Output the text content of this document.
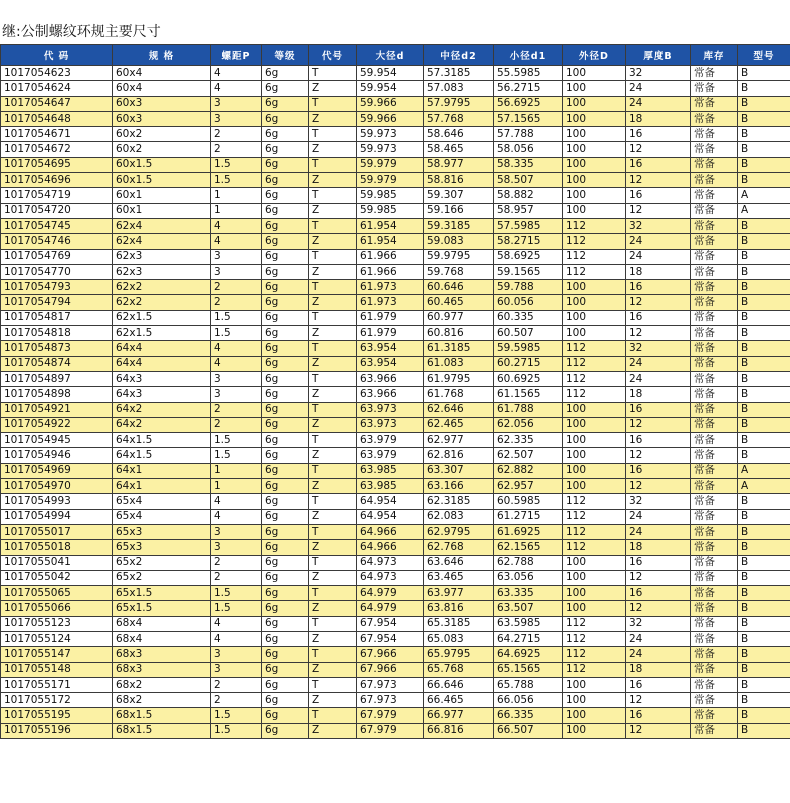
继:公制螺纹环规主要尺寸
代 码	规 格	螺距P	等级	代号	大径d	中径d2	小径d1	外径D	厚度B	库存	型号
1017054623	60x4	4	6g	T	59.954	57.3185	55.5985	100	32	常备	B
1017054624	60x4	4	6g	Z	59.954	57.083	56.2715	100	24	常备	B
1017054647	60x3	3	6g	T	59.966	57.9795	56.6925	100	24	常备	B
1017054648	60x3	3	6g	Z	59.966	57.768	57.1565	100	18	常备	B
1017054671	60x2	2	6g	T	59.973	58.646	57.788	100	16	常备	B
1017054672	60x2	2	6g	Z	59.973	58.465	58.056	100	12	常备	B
1017054695	60x1.5	1.5	6g	T	59.979	58.977	58.335	100	16	常备	B
1017054696	60x1.5	1.5	6g	Z	59.979	58.816	58.507	100	12	常备	B
1017054719	60x1	1	6g	T	59.985	59.307	58.882	100	16	常备	A
1017054720	60x1	1	6g	Z	59.985	59.166	58.957	100	12	常备	A
1017054745	62x4	4	6g	T	61.954	59.3185	57.5985	112	32	常备	B
1017054746	62x4	4	6g	Z	61.954	59.083	58.2715	112	24	常备	B
1017054769	62x3	3	6g	T	61.966	59.9795	58.6925	112	24	常备	B
1017054770	62x3	3	6g	Z	61.966	59.768	59.1565	112	18	常备	B
1017054793	62x2	2	6g	T	61.973	60.646	59.788	100	16	常备	B
1017054794	62x2	2	6g	Z	61.973	60.465	60.056	100	12	常备	B
1017054817	62x1.5	1.5	6g	T	61.979	60.977	60.335	100	16	常备	B
1017054818	62x1.5	1.5	6g	Z	61.979	60.816	60.507	100	12	常备	B
1017054873	64x4	4	6g	T	63.954	61.3185	59.5985	112	32	常备	B
1017054874	64x4	4	6g	Z	63.954	61.083	60.2715	112	24	常备	B
1017054897	64x3	3	6g	T	63.966	61.9795	60.6925	112	24	常备	B
1017054898	64x3	3	6g	Z	63.966	61.768	61.1565	112	18	常备	B
1017054921	64x2	2	6g	T	63.973	62.646	61.788	100	16	常备	B
1017054922	64x2	2	6g	Z	63.973	62.465	62.056	100	12	常备	B
1017054945	64x1.5	1.5	6g	T	63.979	62.977	62.335	100	16	常备	B
1017054946	64x1.5	1.5	6g	Z	63.979	62.816	62.507	100	12	常备	B
1017054969	64x1	1	6g	T	63.985	63.307	62.882	100	16	常备	A
1017054970	64x1	1	6g	Z	63.985	63.166	62.957	100	12	常备	A
1017054993	65x4	4	6g	T	64.954	62.3185	60.5985	112	32	常备	B
1017054994	65x4	4	6g	Z	64.954	62.083	61.2715	112	24	常备	B
1017055017	65x3	3	6g	T	64.966	62.9795	61.6925	112	24	常备	B
1017055018	65x3	3	6g	Z	64.966	62.768	62.1565	112	18	常备	B
1017055041	65x2	2	6g	T	64.973	63.646	62.788	100	16	常备	B
1017055042	65x2	2	6g	Z	64.973	63.465	63.056	100	12	常备	B
1017055065	65x1.5	1.5	6g	T	64.979	63.977	63.335	100	16	常备	B
1017055066	65x1.5	1.5	6g	Z	64.979	63.816	63.507	100	12	常备	B
1017055123	68x4	4	6g	T	67.954	65.3185	63.5985	112	32	常备	B
1017055124	68x4	4	6g	Z	67.954	65.083	64.2715	112	24	常备	B
1017055147	68x3	3	6g	T	67.966	65.9795	64.6925	112	24	常备	B
1017055148	68x3	3	6g	Z	67.966	65.768	65.1565	112	18	常备	B
1017055171	68x2	2	6g	T	67.973	66.646	65.788	100	16	常备	B
1017055172	68x2	2	6g	Z	67.973	66.465	66.056	100	12	常备	B
1017055195	68x1.5	1.5	6g	T	67.979	66.977	66.335	100	16	常备	B
1017055196	68x1.5	1.5	6g	Z	67.979	66.816	66.507	100	12	常备	B
